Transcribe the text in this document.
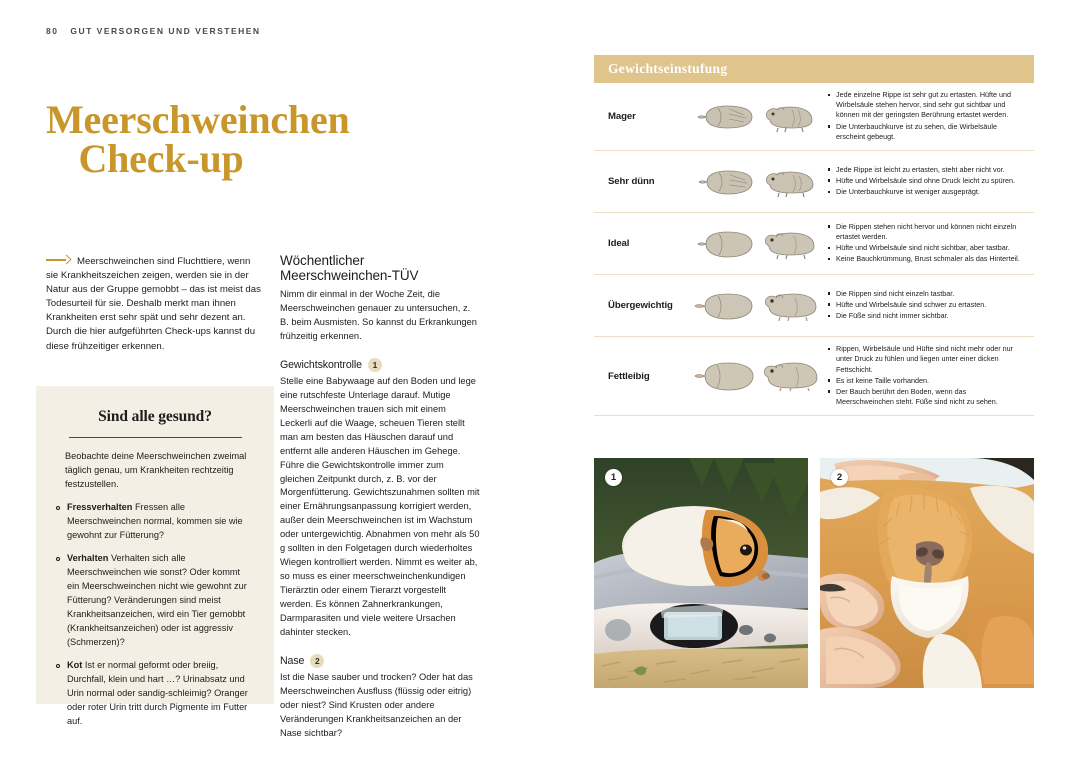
80 GUT VERSORGEN UND VERSTEHEN
Meerschweinchen
Check-up
Meerschweinchen sind Fluchttiere, wenn sie Krankheitszeichen zeigen, werden sie in der Natur aus der Gruppe gemobbt – das ist meist das Todesurteil für sie. Deshalb merkt man ihnen Krankheiten erst sehr spät und sehr dezent an. Durch die hier aufgeführten Check-ups kannst du diese frühzeitiger erkennen.
Sind alle gesund?

Beobachte deine Meerschweinchen zweimal täglich genau, um Krankheiten rechtzeitig festzustellen.

Fressverhalten Fressen alle Meerschweinchen normal, kommen sie wie gewohnt zur Fütterung?
Verhalten Verhalten sich alle Meerschweinchen wie sonst? Oder kommt ein Meerschweinchen nicht wie gewohnt zur Fütterung? Veränderungen sind meist Krankheitsanzeichen, wird ein Tier gemobbt (Krankheitsanzeichen) oder ist aggressiv (Schmerzen)?
Kot Ist er normal geformt oder breiig, Durchfall, klein und hart …? Urinabsatz und Urin normal oder sandig-schleimig? Oranger oder roter Urin tritt durch Pigmente im Futter auf.
Wöchentlicher
Meerschweinchen-TÜV

Nimm dir einmal in der Woche Zeit, die Meerschweinchen genauer zu untersuchen, z. B. beim Ausmisten. So kannst du Erkrankungen frühzeitig erkennen.

Gewichtskontrolle	1

Stelle eine Babywaage auf den Boden und lege eine rutschfeste Unterlage darauf. Mutige Meerschweinchen trauen sich mit einem Leckerli auf die Waage, scheuen Tieren stellt man am besten das Häuschen darauf und entfernt alle anderen Häuschen im Gehege. Führe die Gewichtskontrolle immer zum gleichen Zeitpunkt durch, z. B. vor der Morgenfütterung. Gewichtszunahmen sollten mit einer Ernährungsanpassung korrigiert werden, außer dein Meerschweinchen ist im Wachstum oder untergewichtig. Abnahmen von mehr als 50 g sollten in den Folgetagen durch wiederholtes Wiegen kontrolliert werden. Nimmt es weiter ab, so muss es einer meerschweinchenkundigen Tierärztin oder einem Tierarzt vorgestellt werden. Es können Zahnerkrankungen, Darmparasiten und viele weitere Ursachen dahinter stecken.

Nase	2

Ist die Nase sauber und trocken? Oder hat das Meerschweinchen Ausfluss (flüssig oder eitrig) oder niest? Sind Krusten oder andere Veränderungen Krankheitsanzeichen an der Nase sichtbar?

Gewichtseinstufung
Mager
Jede einzelne Rippe ist sehr gut zu ertasten. Hüfte und Wirbelsäule stehen hervor, sind sehr gut sichtbar und können mit der geringsten Berührung ertastet werden.
Die Unterbauchkurve ist zu sehen, die Wirbelsäule erscheint gebeugt.
Sehr dünn
Jede Rippe ist leicht zu ertasten, steht aber nicht vor.
Hüfte und Wirbelsäule sind ohne Druck leicht zu spüren.
Die Unterbauchkurve ist weniger ausgeprägt.
Ideal
Die Rippen stehen nicht hervor und können nicht einzeln ertastet werden.
Hüfte und Wirbelsäule sind nicht sichtbar, aber tastbar.
Keine Bauchkrümmung, Brust schmaler als das Hinterteil.
Übergewichtig
Die Rippen sind nicht einzeln tastbar.
Hüfte und Wirbelsäule sind schwer zu ertasten.
Die Füße sind nicht immer sichtbar.
Fettleibig
Rippen, Wirbelsäule und Hüfte sind nicht mehr oder nur unter Druck zu fühlen und liegen unter einer dicken Fettschicht.
Es ist keine Taille vorhanden.
Der Bauch berührt den Boden, wenn das Meerschweinchen steht. Füße sind nicht zu sehen.
1	2
